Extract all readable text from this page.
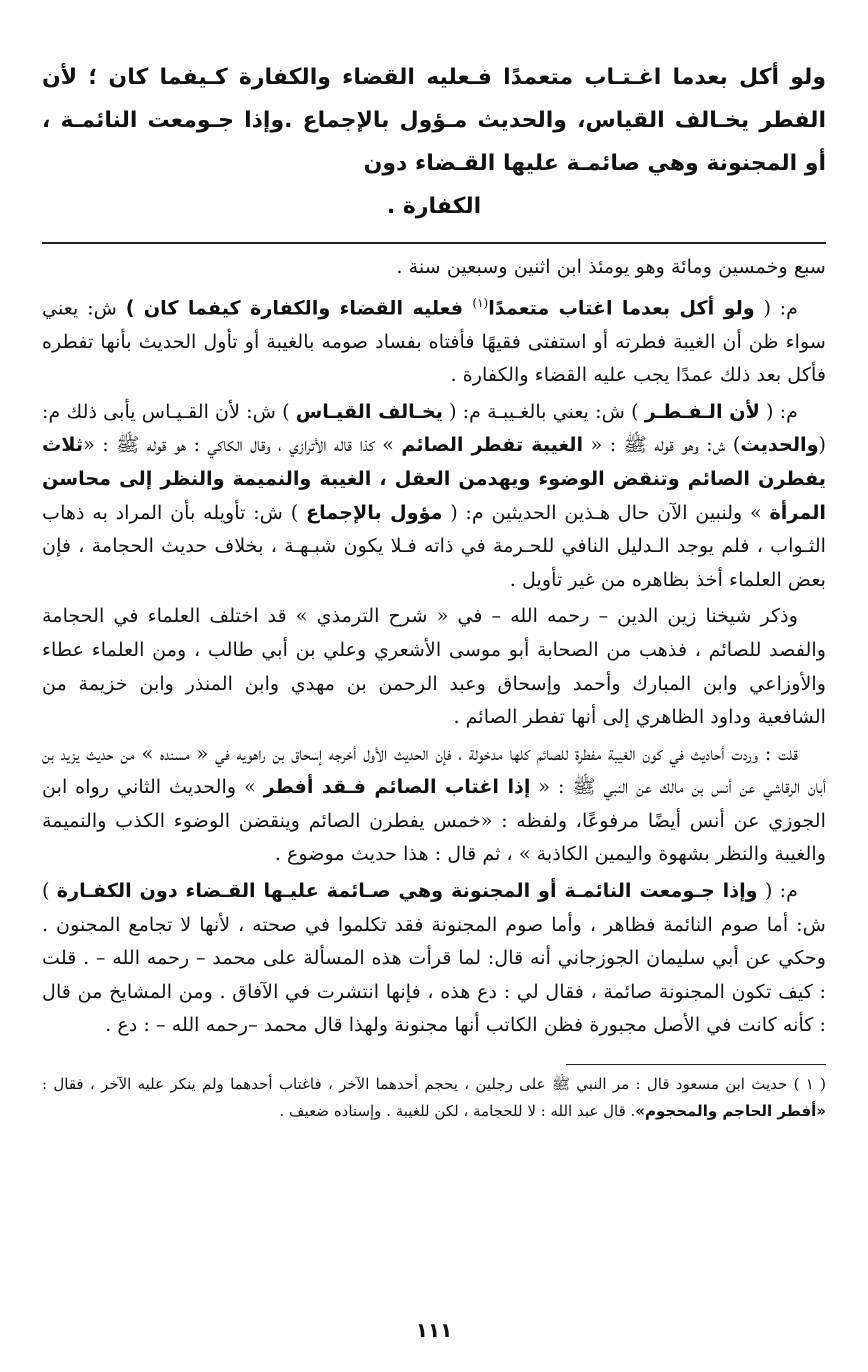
ولو أكل بعدما اغـتـاب متعمدًا فـعليه القضاء والكفارة كـيفما كان ؛ لأن الفطر يخـالف القياس، والحديث مـؤول بالإجماع .وإذا جـومعت النائمـة ، أو المجنونة وهي صائمـة عليها القـضاء دون
الكفارة .

سبع وخمسين ومائة وهو يومئذ ابن اثنين وسبعين سنة .

م: ( ولو أكل بعدما اغتاب متعمدًا$^{(١)}$ فعليه القضاء والكفارة كيفما كان ) ش: يعني سواء ظن أن الغيبة فطرته أو استفتى فقيهًا فأفتاه بفساد صومه بالغيبة أو تأول الحديث بأنها تفطره فأكل بعد ذلك عمدًا يجب عليه القضاء والكفارة .

م: ( لأن الـفـطـر ) ش: يعني بالغـيبـة م: ( يخـالف القيـاس ) ش: لأن القـيـاس يأبى ذلك م: (والحديث) ش: وهو قوله ﷺ : « الغيبة تفطر الصائم » كذا قاله الأترازي ، وقال الكاكي : هو قوله ﷺ : «ثلاث يفطرن الصائم وتنقض الوضوء ويهدمن العقل ، الغيبة والنميمة والنظر إلى محاسن المرأة » ولنبين الآن حال هـذين الحديثين م: ( مؤول بالإجماع ) ش: تأويله بأن المراد به ذهاب الثـواب ، فلم يوجد الـدليل النافي للحـرمة في ذاته فـلا يكون شبـهـة ، بخلاف حديث الحجامة ، فإن بعض العلماء أخذ بظاهره من غير تأويل .

وذكر شيخنا زين الدين – رحمه الله – في « شرح الترمذي » قد اختلف العلماء في الحجامة والفصد للصائم ، فذهب من الصحابة أبو موسى الأشعري وعلي بن أبي طالب ، ومن العلماء عطاء والأوزاعي وابن المبارك وأحمد وإسحاق وعبد الرحمن بن مهدي وابن المنذر وابن خزيمة من الشافعية وداود الظاهري إلى أنها تفطر الصائم .

قلت : وردت أحاديث في كون الغيبة مفطرة للصائم كلها مدخولة ، فإن الحديث الأول أخرجه إسحاق بن راهويه في « مسنده » من حديث يزيد بن أبان الرقاشي عن أنس بن مالك عن النبي ﷺ : « إذا اغتاب الصائم فـقد أفطر » والحديث الثاني رواه ابن الجوزي عن أنس أيضًا مرفوعًا، ولفظه : «خمس يفطرن الصائم وينقضن الوضوء الكذب والنميمة والغيبة والنظر بشهوة واليمين الكاذبة » ، ثم قال : هذا حديث موضوع .

م: ( وإذا جـومعت النائمـة أو المجنونة وهي صـائمة عليـها القـضاء دون الكفـارة ) ش: أما صوم النائمة فظاهر ، وأما صوم المجنونة فقد تكلموا في صحته ، لأنها لا تجامع المجنون . وحكي عن أبي سليمان الجوزجاني أنه قال: لما قرأت هذه المسألة على محمد – رحمه الله – . قلت : كيف تكون المجنونة صائمة ، فقال لي : دع هذه ، فإنها انتشرت في الآفاق . ومن المشايخ من قال : كأنه كانت في الأصل مجبورة فظن الكاتب أنها مجنونة ولهذا قال محمد –رحمه الله – : دع .

( ١ ) حديث ابن مسعود قال : مر النبي ﷺ على رجلين ، يحجم أحدهما الآخر ، فاغتاب أحدهما ولم ينكر عليه الآخر ، فقال : «أفطر الحاجم والمحجوم». قال عبد الله : لا للحجامة ، لكن للغيبة . وإسناده ضعيف .

١١١
